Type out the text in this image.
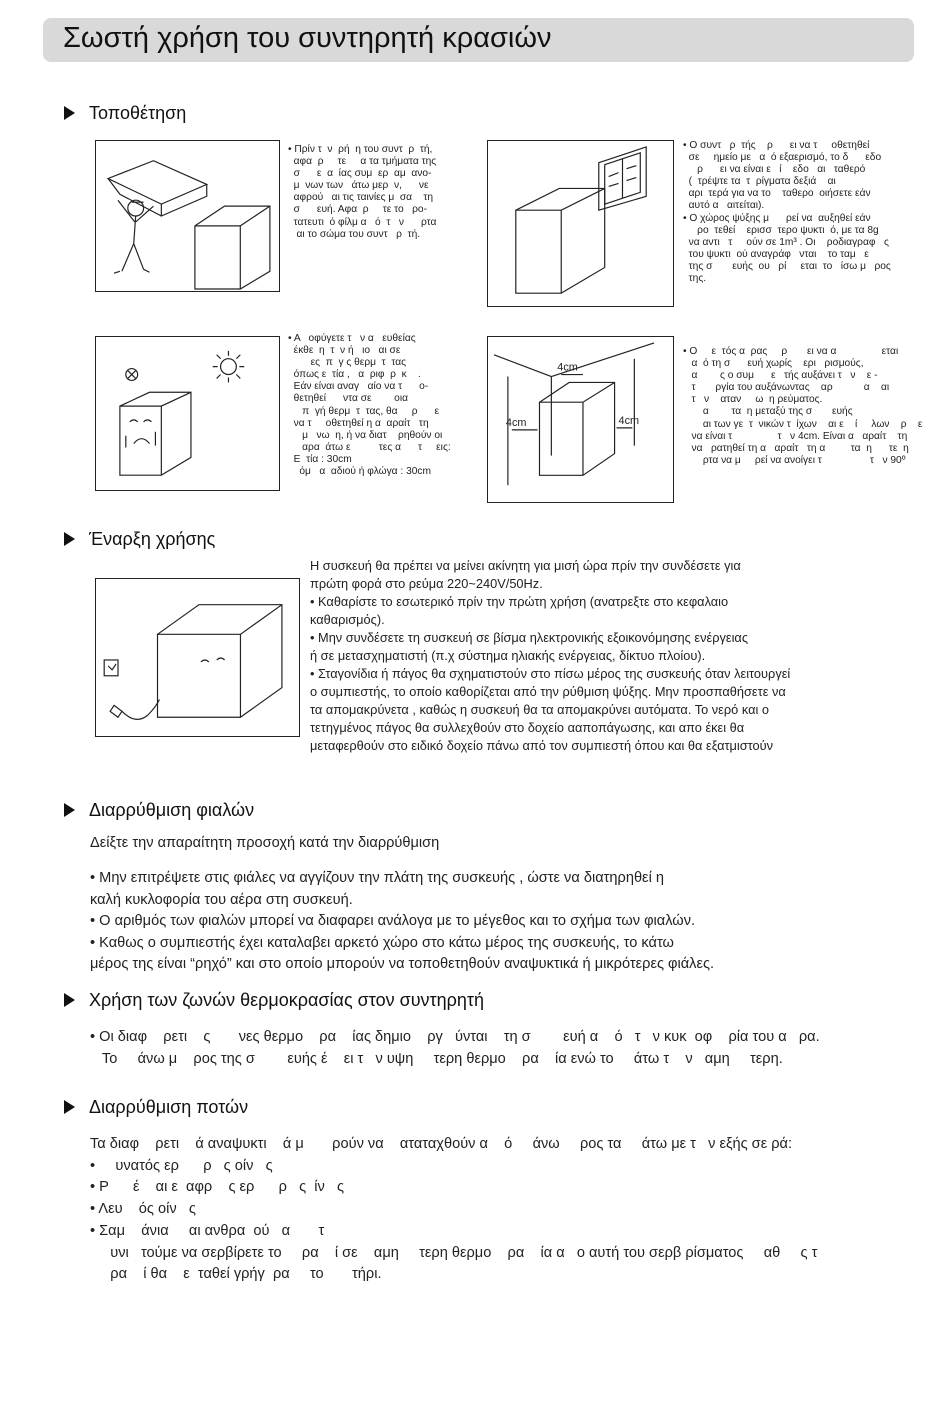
Σωστή χρήση του συντηρητή κρασιών
Τοποθέτηση

• Πρίν τ  ν  ρή  η του συντ  ρ  τή,

αφα  ρ     τε     α τα τμήματα της

σ      ε  α  ίας συμ  ερ  αμ  ανο-

μ  νων των   άτω μερ  ν,      νε

αφρού   αι τις ταινίες μ  σα    τη

σ      ευή. Αφα  ρ     τε το   ρο-

τατευτι  ό φίλμ α   ό  τ   ν      ρτα

αι το σώμα του συντ   ρ  τή.

• Ο συντ   ρ  τής    ρ      ει να τ     οθετηθεί

σε     ημείο με   α  ό εξαερισμό, το δ      εδο

ρ      ει να είναι ε   ί    εδο   αι   ταθερό

(  τρέψτε τα  τ  ρίγματα δεξιά    αι

αρι  τερά για να το    ταθερο  οιήσετε εάν

αυτό α   αιτείται).

• Ο χώρος ψύξης μ      ρεί να  αυξηθεί εάν

ρο  τεθεί    ερισσ  τερο ψυκτι  ό, με τα 8g

να αντι   τ     ούν σε 1m³ . Οι    ροδιαγραφ   ς

του ψυκτι  ού αναγράφ   νται    το ταμ   ε

της σ       ευής  ου   ρί     εται  το   ίσω μ   ρος

της.

• Α   οφύγετε τ   ν α   ευθείας

έκθε  η  τ  ν ή   ιο   αι σε

ες  π  γ ς θερμ  τ  τας

όπως ε  τία ,   α  ριφ  ρ  κ    .

Εάν είναι αναγ   αίο να τ      ο-

θετηθεί      ντα σε        οια

π  γή θερμ  τ  τας, θα     ρ      ε

να τ     οθετηθεί η α  αραίτ   τη

μ   νω  η, ή να διατ    ρηθούν οι

αρα  άτω ε          τες α      τ     εις:

Ε  τία : 30cm

όμ   α  αδιού ή φλώγα : 30cm

4cm
4cm	4cm

• Ο     ε  τός α  ρας     ρ       ει να α                εται

α  ό τη σ      ευή χωρίς    ερι   ρισμούς,

α        ς ο συμ      ε   τής αυξάνει τ   ν    ε -

τ       ργία του αυξάνωντας    αρ           α    αι

τ   ν    αταν     ω  η ρεύματος.

α        τα  η μεταξύ της σ       ευής

αι των γε  τ  νικών τ  ίχων    αι ε    ί     λων    ρ    ε

να είναι τ                τ   ν 4cm. Είναι α   αραίτ    τη

να   ρατηθεί τη α   αραίτ   τη α         τα  η      τε  η

ρτα να μ     ρεί να ανοίγει τ                 τ   ν 90º

Έναρξη χρήσης

Η συσκευή θα πρέπει να μείνει ακίνητη για μισή ώρα πρίν την συνδέσετε για

πρώτη φορά στο ρεύμα 220~240V/50Hz.

• Καθαρίστε το εσωτερικό πρίν την πρώτη χρήση (ανατρεξτε στο κεφαλαιο

καθαρισμός).

• Μην συνδέσετε τη συσκευή σε βίσμα ηλεκτρονικής εξοικονόμησης ενέργειας

ή σε μετασχηματιστή (π.χ σύστημα ηλιακής ενέργειας, δίκτυο πλοίου).

• Σταγονίδια ή πάγος θα σχηματιστούν στο πίσω μέρος της συσκευής όταν λειτουργεί

ο συμπιεστής, το οποίο καθορίζεται από την ρύθμιση ψύξης. Μην προσπαθήσετε να

τα απομακρύνετα , καθώς η συσκευή θα τα απομακρύνει αυτόματα. Το νερό και ο

τετηγμένος πάγος θα συλλεχθούν στο δοχείο ααποπάγωσης, και απο έκει θα

μεταφερθούν στο ειδικό δοχείο πάνω από τον συμπιεστή όπου και θα εξατμιστούν

Διαρρύθμιση φιαλών

Δείξτε την απαραίτητη προσοχή κατά την διαρρύθμιση

• Μην επιτρέψετε στις φιάλες να αγγίζουν την πλάτη της συσκευής , ώστε να διατηρηθεί η

καλή κυκλοφορία του αέρα στη συσκευή.

• Ο αριθμός των φιαλών μπορεί να διαφαρει ανάλογα με το μέγεθος και το σχήμα των φιαλών.

• Καθως ο συμπιεστής έχει καταλαβει αρκετό χώρο στο κάτω μέρος της συσκευής, το κάτω

μέρος της είναι “ρηχό” και στο οποίο μπορούν να τοποθετηθούν αναψυκτικά ή μικρότερες φιάλες.

Χρήση των ζωνών θερμοκρασίας στον συντηρητή

• Οι διαφ    ρετι    ς       νες θερμο    ρα    ίας δημιο    ργ   ύνται    τη σ        ευή α    ό   τ   ν κυκ  οφ    ρία του α   ρα.

Το     άνω μ    ρος της σ        ευής έ    ει τ   ν υψη     τερη θερμο    ρα    ία ενώ το     άτω τ    ν   αμη     τερη.

Διαρρύθμιση ποτών

Τα διαφ    ρετι    ά αναψυκτι    ά μ       ρούν να    αταταχθούν α    ό     άνω     ρος τα     άτω με τ   ν εξής σε ρά:

•     υνατός ερ      ρ   ς οίν   ς

• Ρ      έ    αι ε  αφρ    ς ερ      ρ   ς  ίν   ς

• Λευ    ός οίν   ς

• Σαμ    άνια     αι ανθρα  ού   α       τ

υνι   τούμε να σερβίρετε το     ρα    ί σε    αμη     τερη θερμο    ρα    ία α   ο αυτή του σερβ ρίσματος     αθ     ς τ

ρα    ί θα    ε  ταθεί γρήγ  ρα     το       τήρι.
